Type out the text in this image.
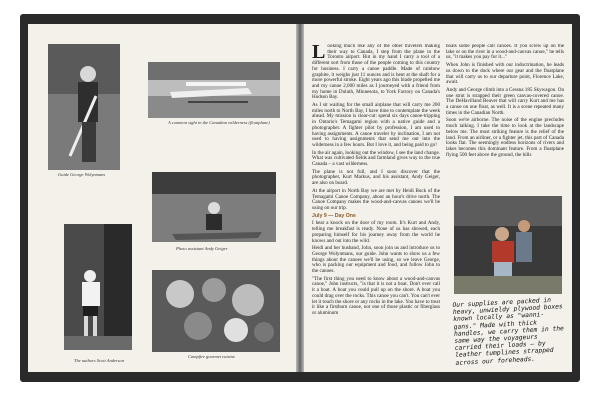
Guide George Wolynmans
A common sight in the Canadian wilderness (floatplane)
Photo assistant Andy Geiger
The authors Scott Anderson
Campfire gourmet cuisine
L ooking much like any of the other travelers making their way to Canada, I step from the plane in the Toronto airport. But in my hand I carry a tool of a different sort from those of the people coming to this country for business. I carry a canoe paddle. Made of rainbow graphite, it weighs just 11 ounces and is bent at the shaft for a more powerful stroke. Eight years ago this blade propelled me and my canoe 2,000 miles as I journeyed with a friend from my home in Duluth, Minnesota, to York Factory on Canada's Hudson Bay.

As I sit waiting for the small airplane that will carry me 200 miles north to North Bay, I have time to contemplate the week ahead. My mission is clear-cut: spend six days canoe-tripping in Ontario's Temagami region with a native guide and a photographer. A fighter pilot by profession, I am used to having assignments. A canoe traveler by inclination, I am not used to having assignments that send me out into the wilderness in a few hours. But I love it, and being paid to go!

In the air again, looking out the window, I see the land change. What was cultivated fields and farmland gives way to the true Canada – a vast wilderness.

The plane is not full, and I soon discover that the photographer, Kurt Markus, and his assistant, Andy Geiger, are also on board.

At the airport in North Bay we are met by Heidi Buck of the Temagami Canoe Company, about an hour's drive north. The Canoe Company makes the wood-and-canvas canoes we'll be using on our trip.

July 9 — Day One

I hear a knock on the door of my room. It's Kurt and Andy, telling me breakfast is ready. None of us has showed, each preparing himself for his journey away from the world he knows and out into the wild.

Heidi and her husband, John, soon join us and introduce us to George Wolynmans, our guide. John wants to show us a few things about the canoes we'll be using, so we leave George, who is packing our equipment and food, and follow John to the canoes.

"The first thing you need to know about a wood-and-canvas canoe," John instructs, "is that it is not a boat. Don't ever call it a boat. A boat you could pull up on the shore. A boat you could drag over the rocks. This canoe you can't. You can't ever let it touch the shore or any rocks in the lake. You have to treat it like a firstburn canoe, not one of those plastic or fiberglass or aluminum

boats some people call canoes. If you screw up on the lake or on the river in a wood-and-canvas canoe," he tells us, "it makes you pay for it..."

When John is finished with our indoctrination, he leads us down to the dock where our gear and the floatplane that will carry us to our departure point, Florence Lake, await.

Andy and George climb into a Cessna 185 Skywagon. On one strut is strapped their green canvas-covered canoe. The DeHavilland Beaver that will carry Kurt and me has a canoe on one float, as well. It is a scene repeated many times in the Canadian North.

Soon we're airborne. The noise of the engine precludes much talking. I take the time to look at the landscape below me. The most striking feature is the relief of the land. From an airliner, or a fighter jet, this part of Canada looks flat. The seemingly endless horizons of rivers and lakes becomes this dominant feature. From a floatplane flying 500 feet above the ground, the hills

Our supplies are packed in heavy, unwieldy plywood boxes known locally as "wanni-gans." Made with thick handles, we carry them in the same way the voyageurs carried their loads – by leather tumplines strapped across our foreheads.
